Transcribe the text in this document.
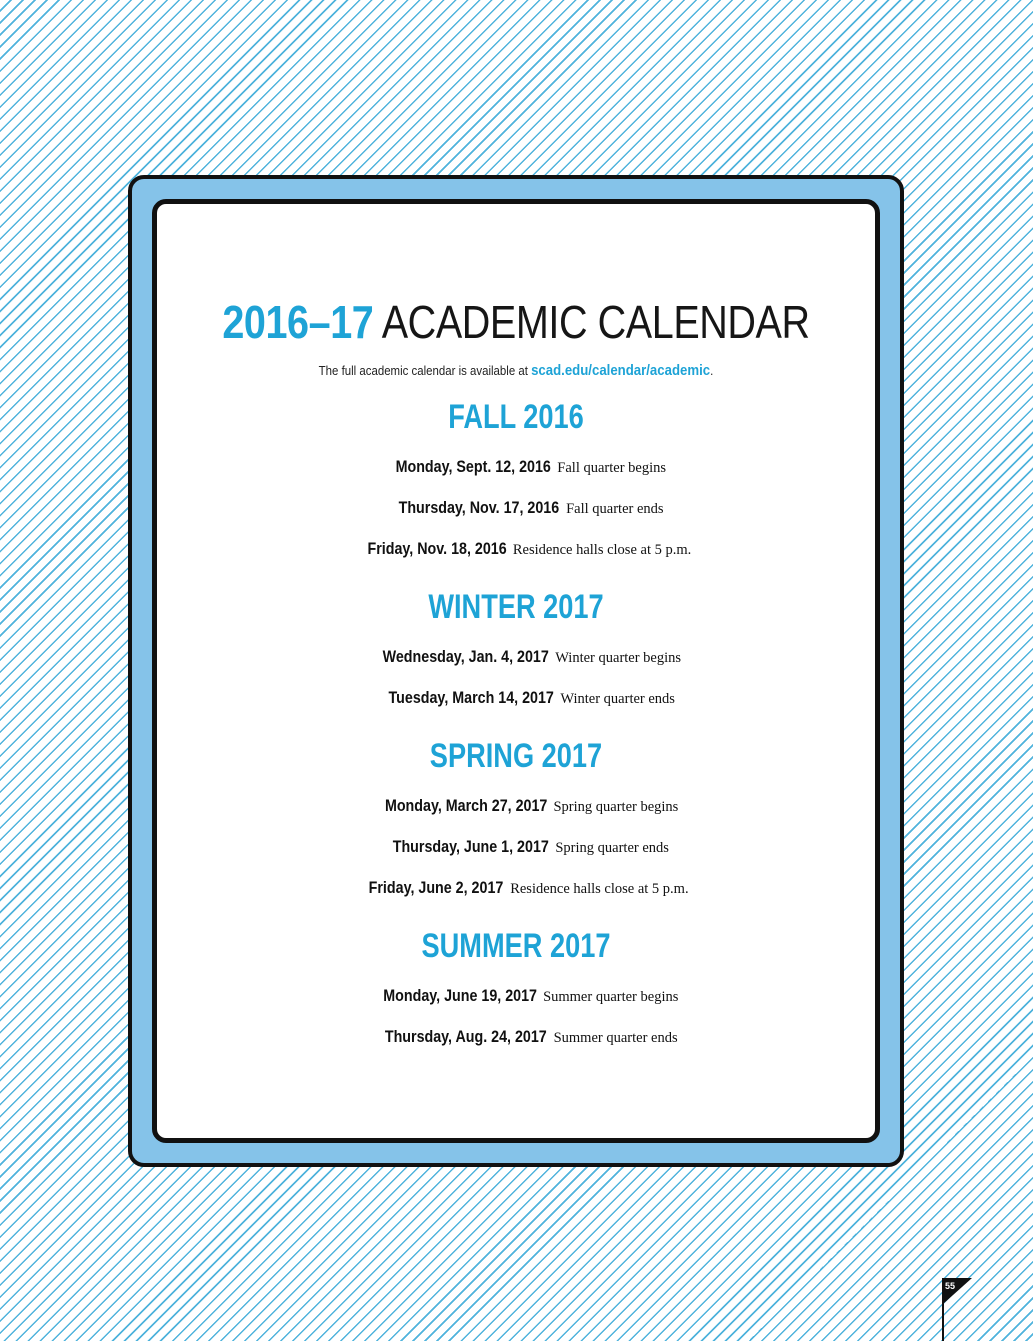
2016–17 ACADEMIC CALENDAR
The full academic calendar is available at scad.edu/calendar/academic.
FALL 2016
Monday, Sept. 12, 2016 Fall quarter begins
Thursday, Nov. 17, 2016 Fall quarter ends
Friday, Nov. 18, 2016 Residence halls close at 5 p.m.
WINTER 2017
Wednesday, Jan. 4, 2017 Winter quarter begins
Tuesday, March 14, 2017 Winter quarter ends
SPRING 2017
Monday, March 27, 2017 Spring quarter begins
Thursday, June 1, 2017 Spring quarter ends
Friday, June 2, 2017 Residence halls close at 5 p.m.
SUMMER 2017
Monday, June 19, 2017 Summer quarter begins
Thursday, Aug. 24, 2017 Summer quarter ends
55
